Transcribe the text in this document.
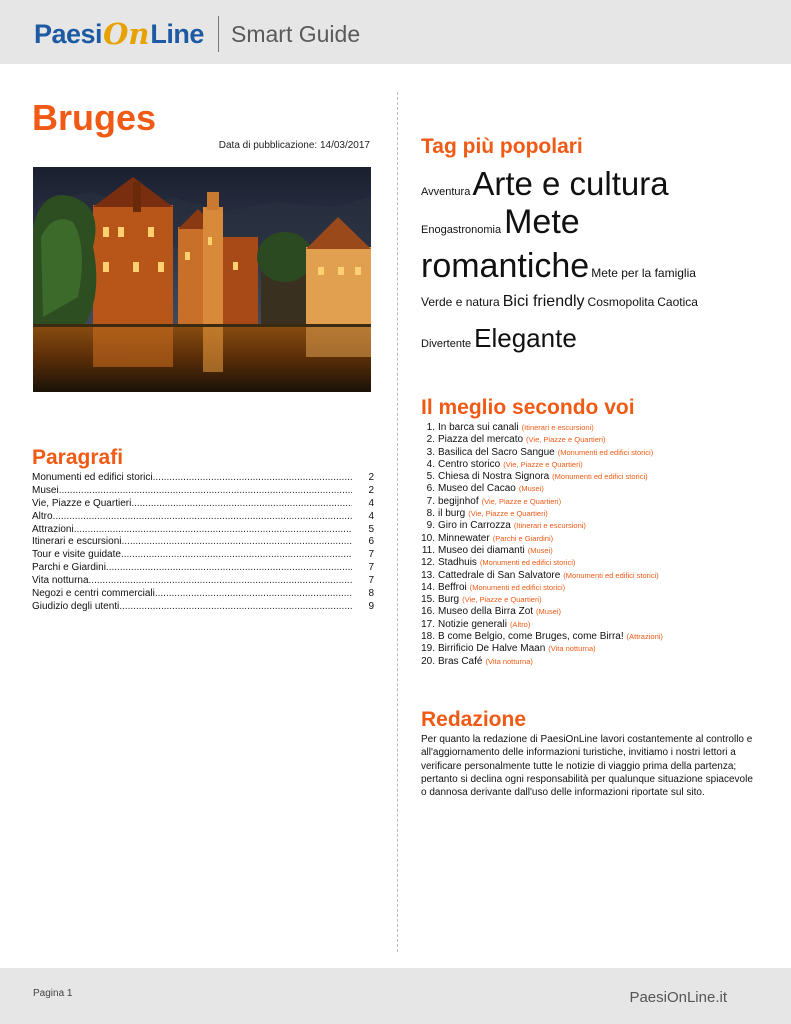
Paesi On Line Smart Guide
Bruges
Data di pubblicazione: 14/03/2017
Paragrafi
Monumenti ed edifici storici .....	2
Musei .....	2
Vie, Piazze e Quartieri .....	4
Altro .....	4
Attrazioni .....	5
Itinerari e escursioni .....	6
Tour e visite guidate .....	7
Parchi e Giardini .....	7
Vita notturna .....	7
Negozi e centri commerciali .....	8
Giudizio degli utenti .....	9
Tag più popolari
Avventura Arte e cultura
Enogastronomia Mete
romantiche Mete per la famiglia
Verde e natura Bici friendly Cosmopolita Caotica
Divertente Elegante
Il meglio secondo voi
1. In barca sui canali (Itinerari e escursioni)
2. Piazza del mercato (Vie, Piazze e Quartieri)
3. Basilica del Sacro Sangue (Monumenti ed edifici storici)
4. Centro storico (Vie, Piazze e Quartieri)
5. Chiesa di Nostra Signora (Monumenti ed edifici storici)
6. Museo del Cacao (Musei)
7. begijnhof (Vie, Piazze e Quartieri)
8. il burg (Vie, Piazze e Quartieri)
9. Giro in Carrozza (Itinerari e escursioni)
10. Minnewater (Parchi e Giardini)
11. Museo dei diamanti (Musei)
12. Stadhuis (Monumenti ed edifici storici)
13. Cattedrale di San Salvatore (Monumenti ed edifici storici)
14. Beffroi (Monumenti ed edifici storici)
15. Burg (Vie, Piazze e Quartieri)
16. Museo della Birra Zot (Musei)
17. Notizie generali (Altro)
18. B come Belgio, come Bruges, come Birra! (Attrazioni)
19. Birrificio De Halve Maan (Vita notturna)
20. Bras Café (Vita notturna)
Redazione
Per quanto la redazione di PaesiOnLine lavori costantemente al controllo e all'aggiornamento delle informazioni turistiche, invitiamo i nostri lettori a verificare personalmente tutte le notizie di viaggio prima della partenza; pertanto si declina ogni responsabilità per qualunque situazione spiacevole o dannosa derivante dall'uso delle informazioni riportate sul sito.
Pagina 1	PaesiOnLine.it
